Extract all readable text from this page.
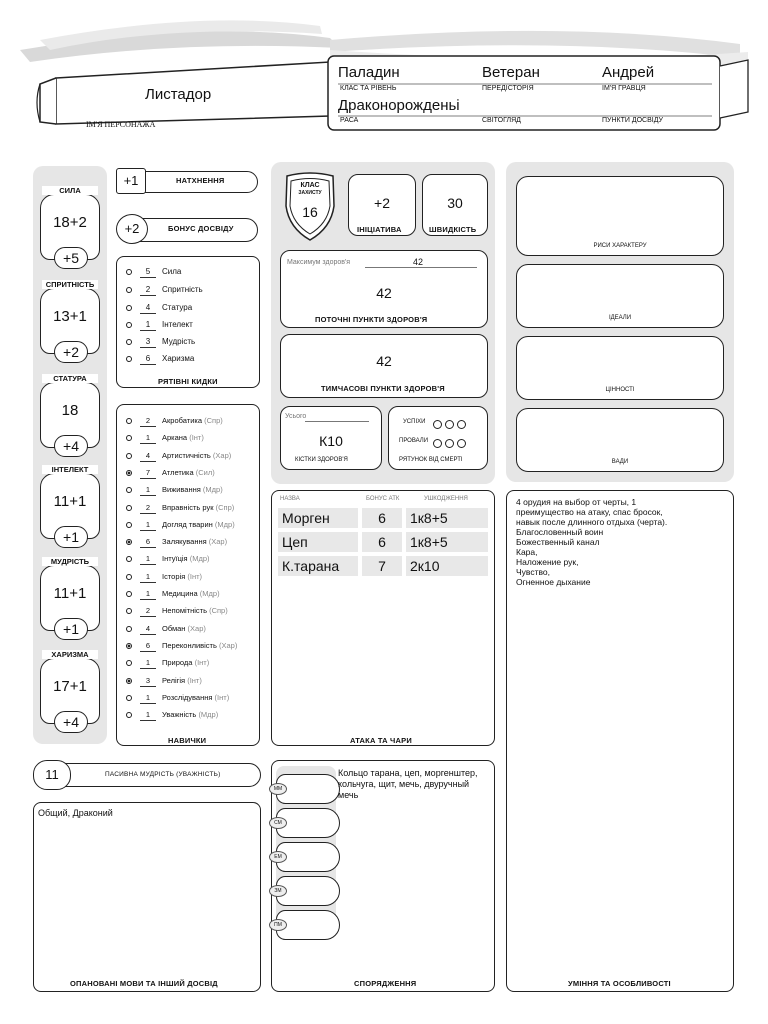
Листадор
ІМ'Я ПЕРСОНАЖА
Паладин
КЛАС ТА РІВЕНЬ
Ветеран
ПЕРЕДІСТОРІЯ
Андрей
ІМ'Я ГРАВЦЯ
Драконорожденьі
РАСА	СВІТОГЛЯД	ПУНКТИ ДОСВІДУ
СИЛА
18+2
+5
СПРИТНІСТЬ
13+1
+2
СТАТУРА
18
+4
ІНТЕЛЕКТ
11+1
+1
МУДРІСТЬ
11+1
+1
ХАРИЗМА
17+1
+4
+1	НАТХНЕННЯ
+2	БОНУС ДОСВІДУ
5 Сила
2 Спритність
4 Статура
1 Інтелект
3 Мудрість
6 Харизма
РЯТІВНІ КИДКИ
2 Акробатика (Спр)
1 Аркана (Інт)
4 Артистичність (Хар)
7 Атлетика (Сил)
1 Виживання (Мдр)
2 Вправність рук (Спр)
1 Догляд тварин (Мдр)
6 Залякування (Хар)
1 Інтуїція (Мдр)
1 Історія (Інт)
1 Медицина (Мдр)
2 Непомітність (Спр)
4 Обман (Хар)
6 Переконливість (Хар)
1 Природа (Інт)
3 Релігія (Інт)
1 Розслідування (Інт)
1 Уважність (Мдр)
НАВИЧКИ
11	ПАСИВНА МУДРІСТЬ (УВАЖНІСТЬ)
Общий, Драконий
ОПАНОВАНІ МОВИ ТА ІНШИЙ ДОСВІД
КЛАС
ЗАХИСТУ
16
+2
ІНІЦІАТИВА
30
ШВИДКІСТЬ
Максимум здоров'я	42
42
ПОТОЧНІ ПУНКТИ ЗДОРОВ'Я
42
ТИМЧАСОВІ ПУНКТИ ЗДОРОВ'Я
Усього
К10
КІСТКИ ЗДОРОВ'Я
УСПІХИ
ПРОВАЛИ
РЯТУНОК ВІД СМЕРТІ
НАЗВА	БОНУС АТК	УШКОДЖЕННЯ
Морген	6	1к8+5
Цеп	6	1к8+5
К.тарана	7	2к10
АТАКА ТА ЧАРИ
ММ
СМ
ЕМ
ЗМ
ПМ
Кольцо тарана, цеп, моргенштер, кольчуга, щит, мечь, двуручный мечь
СПОРЯДЖЕННЯ
РИСИ ХАРАКТЕРУ
ІДЕАЛИ
ЦІННОСТІ
ВАДИ
4 орудия на выбор от черты, 1
преимущество на атаку, спас бросок,
навык после длинного отдыха (черта).
Благословенный воин
Божественный канал
Кара,
Наложение рук,
Чувство,
Огненное дыхание
УМІННЯ ТА ОСОБЛИВОСТІ
